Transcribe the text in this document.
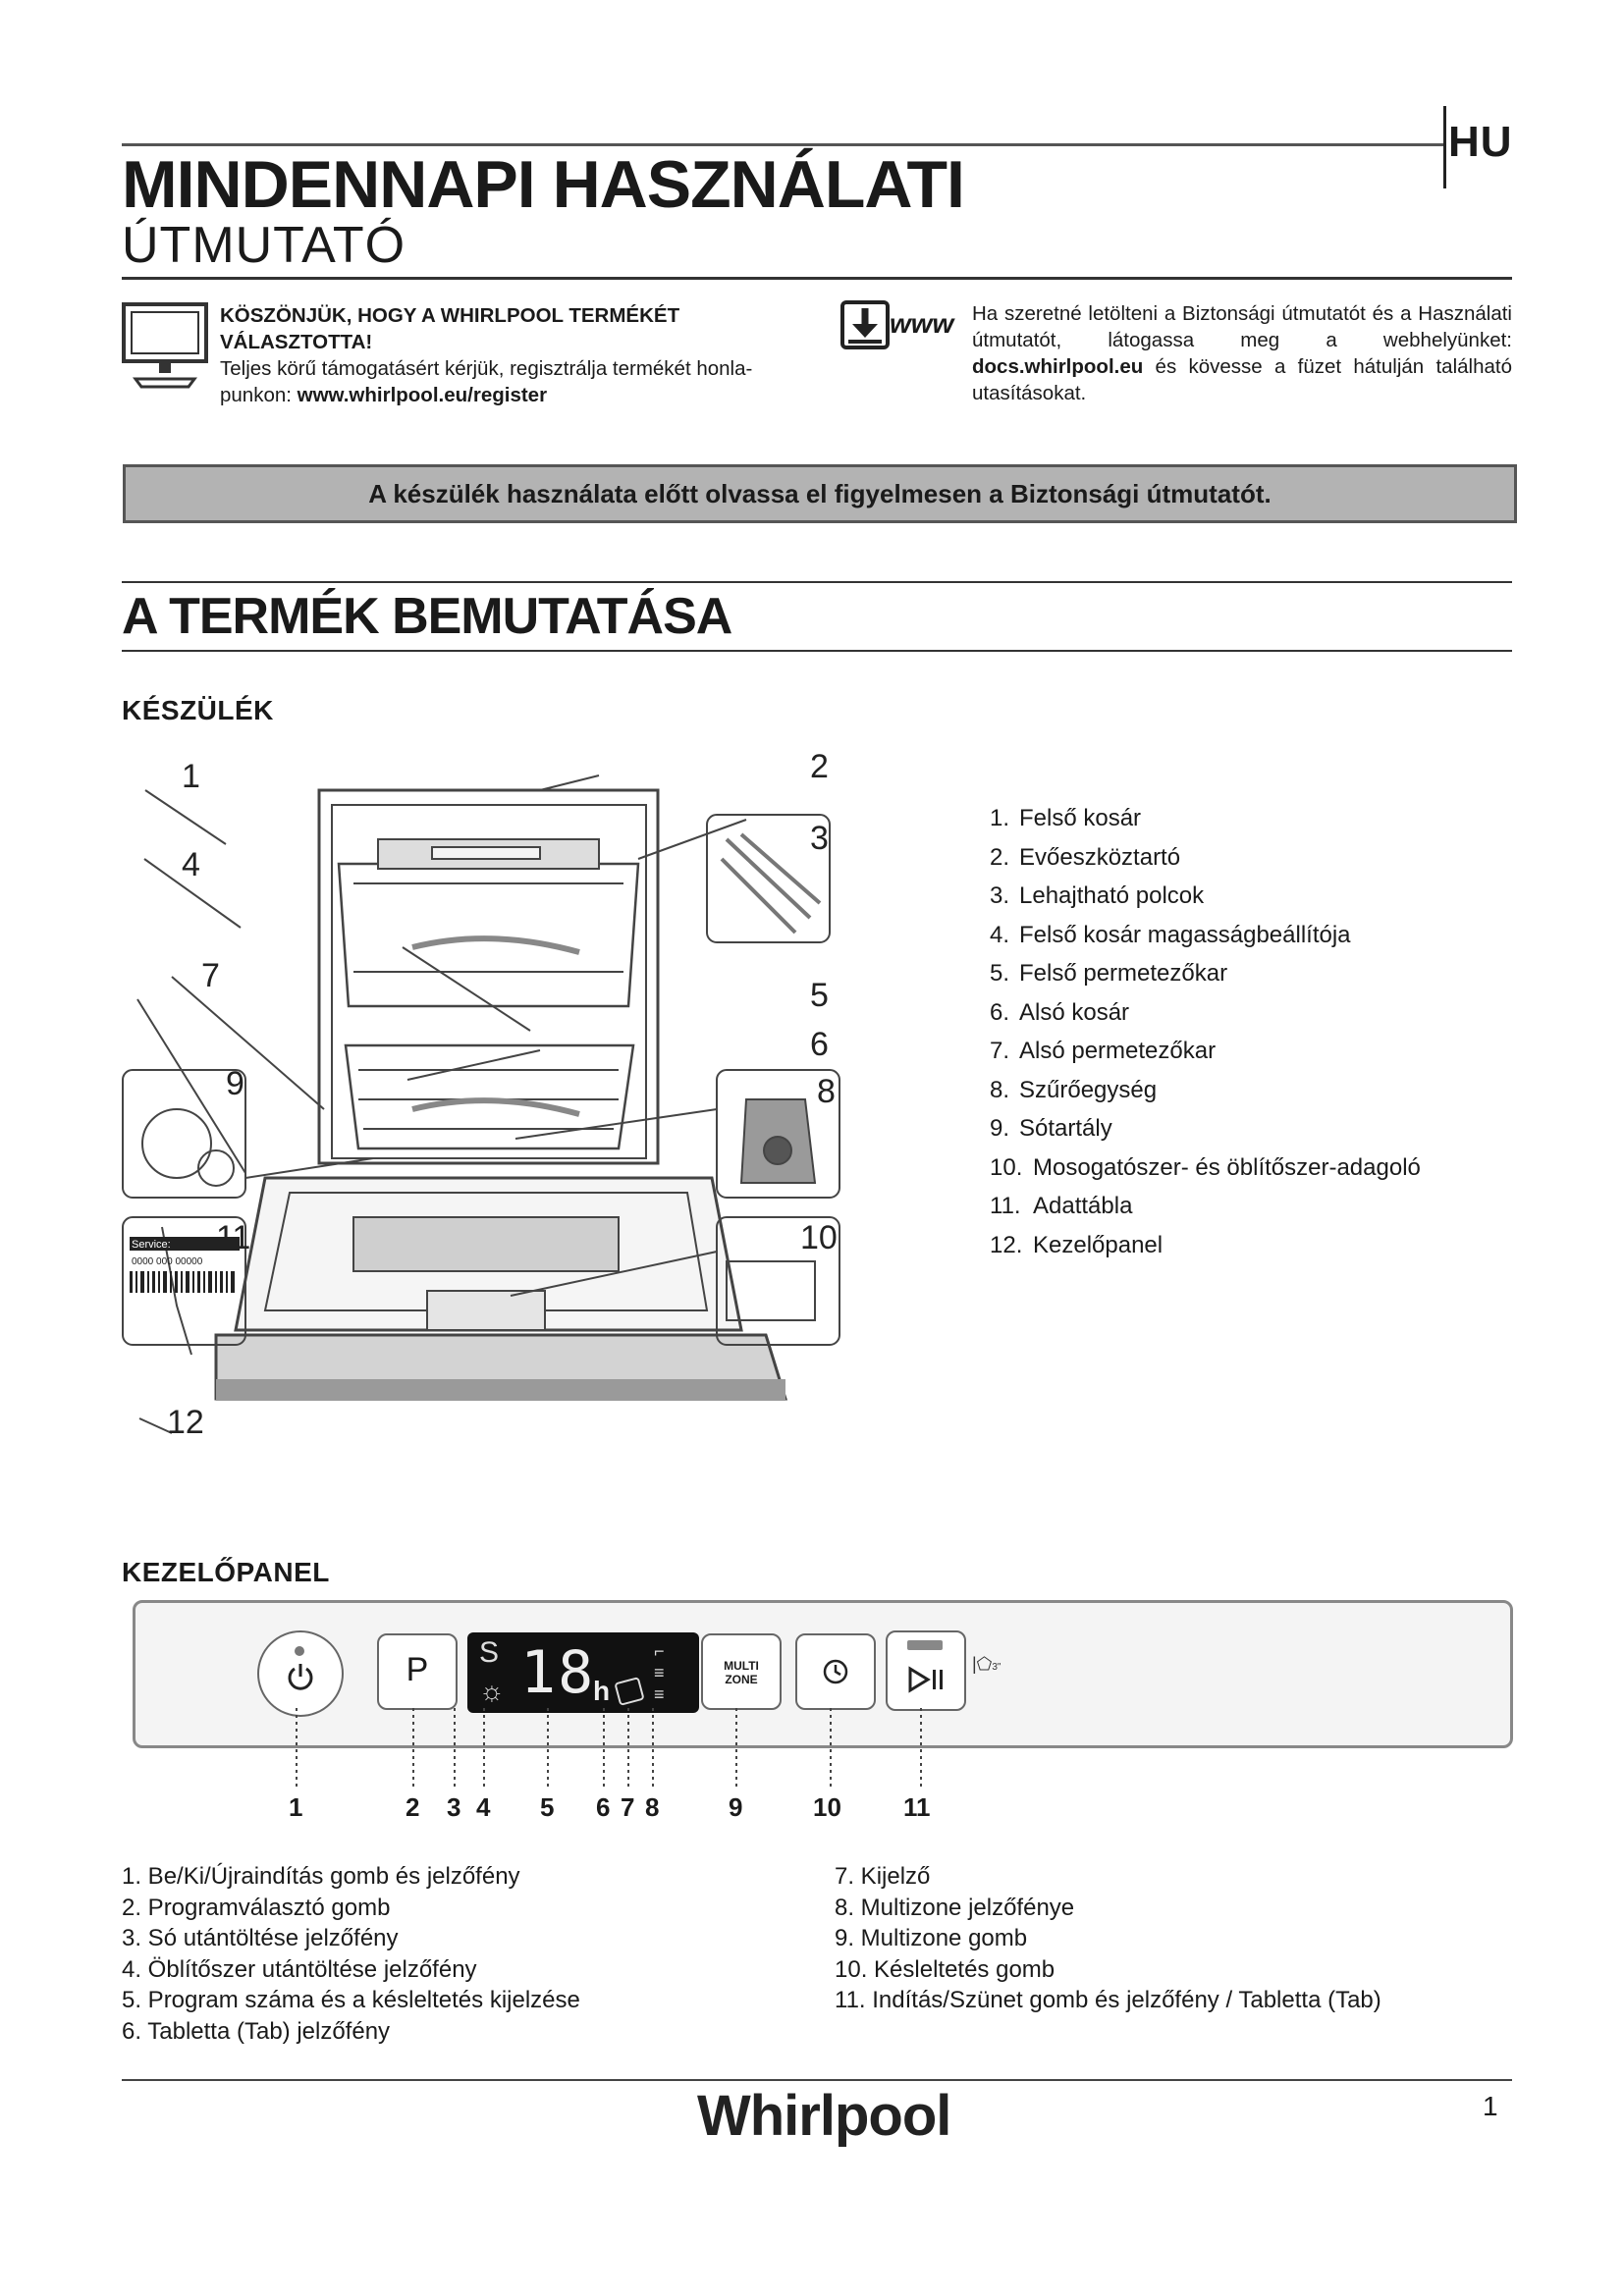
HU
MINDENNAPI HASZNÁLATI
ÚTMUTATÓ
KÖSZÖNJÜK, HOGY A WHIRLPOOL TERMÉKÉT VÁLASZTOTTA!
Teljes körű támogatásért kérjük, regisztrálja termékét honla-punkon: www.whirlpool.eu/register
www Ha szeretné letölteni a Biztonsági útmutatót és a Használati útmutatót, látogassa meg a webhelyünket: docs.whirlpool.eu és kövesse a füzet hátulján található utasításokat.
A készülék használata előtt olvassa el figyelmesen a Biztonsági útmutatót.
A TERMÉK BEMUTATÁSA
KÉSZÜLÉK
Service:
0000 000 00000
1	2
3
4
5
6
7
8
9
10
11
12
1. Felső kosár
2. Evőeszköztartó
3. Lehajtható polcok
4. Felső kosár magasságbeállítója
5. Felső permetezőkar
6. Alsó kosár
7. Alsó permetezőkar
8. Szűrőegység
9. Sótartály
10. Mosogatószer- és öblítőszer-adagoló
11. Adattábla
12. Kezelőpanel
KEZELŐPANEL
P	S
☼ 18
h
⌐
≡
≡
MULTI
ZONE
|⬠3"
1	2 3 4 5 6 7 8	9	10 11
1. Be/Ki/Újraindítás gomb és jelzőfény
2. Programválasztó gomb
3. Só utántöltése jelzőfény
4. Öblítőszer utántöltése jelzőfény
5. Program száma és a késleltetés kijelzése
6. Tabletta (Tab) jelzőfény
7. Kijelző
8. Multizone jelzőfénye
9. Multizone gomb
10. Késleltetés gomb
11. Indítás/Szünet gomb és jelzőfény / Tabletta (Tab)
Whirlpool	1
